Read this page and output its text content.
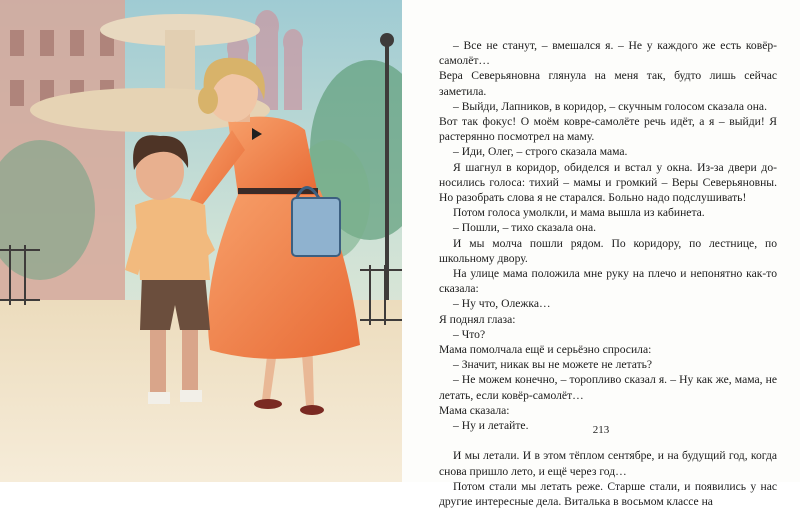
– Все не станут, – вмешался я. – Не у каждого же есть ковёр-самолёт…

Вера Северьяновна глянула на меня так, будто лишь сейчас заметила.

– Выйди, Лапников, в коридор, – скучным голосом сказала она.

Вот так фокус! О моём ковре-самолёте речь идёт, а я – выйди! Я растерянно посмотрел на маму.

– Иди, Олег, – строго сказала мама.

Я шагнул в коридор, обиделся и встал у окна. Из-за двери доносились голоса: тихий – мамы и громкий – Веры Северьяновны. Но разобрать слова я не старался. Больно надо подслушивать!

Потом голоса умолкли, и мама вышла из кабинета.

– Пошли, – тихо сказала она.

И мы молча пошли рядом. По коридору, по лестнице, по школьному двору.

На улице мама положила мне руку на плечо и непонятно как-то сказала:

– Ну что, Олежка…

Я поднял глаза:

– Что?

Мама помолчала ещё и серьёзно спросила:

– Значит, никак вы не можете не летать?

– Не можем конечно, – торопливо сказал я. – Ну как же, мама, не летать, если ковёр-самолёт…

Мама сказала:

– Ну и летайте.

И мы летали. И в этом тёплом сентябре, и на будущий год, когда снова пришло лето, и ещё через год…

Потом стали мы летать реже. Старше стали, и появились у нас другие интересные дела. Виталька в восьмом классе на

213
